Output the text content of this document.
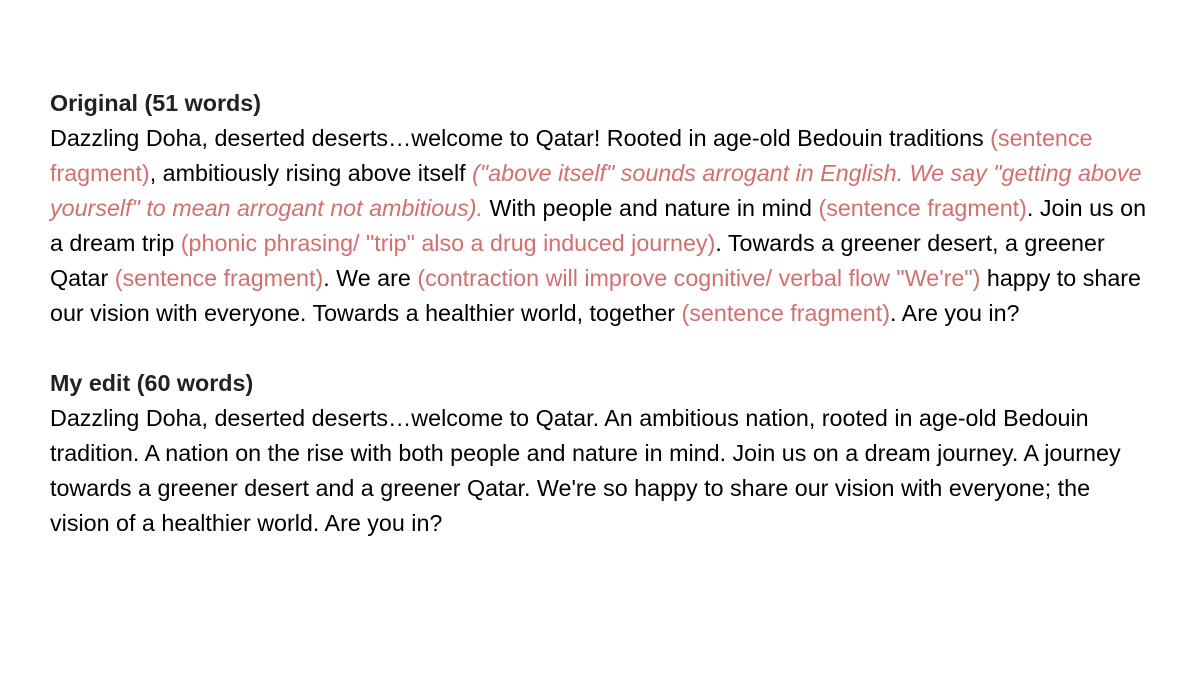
Original (51 words)

Dazzling Doha, deserted deserts…welcome to Qatar! Rooted in age-old Bedouin traditions (sentence fragment), ambitiously rising above itself ("above itself" sounds arrogant in English. We say "getting above yourself" to mean arrogant not ambitious). With people and nature in mind (sentence fragment). Join us on a dream trip (phonic phrasing/ "trip" also a drug induced journey). Towards a greener desert, a greener Qatar (sentence fragment). We are (contraction will improve cognitive/ verbal flow "We're") happy to share our vision with everyone. Towards a healthier world, together (sentence fragment). Are you in?

My edit (60 words)

Dazzling Doha, deserted deserts…welcome to Qatar. An ambitious nation, rooted in age-old Bedouin tradition. A nation on the rise with both people and nature in mind. Join us on a dream journey. A journey towards a greener desert and a greener Qatar. We're so happy to share our vision with everyone; the vision of a healthier world. Are you in?
